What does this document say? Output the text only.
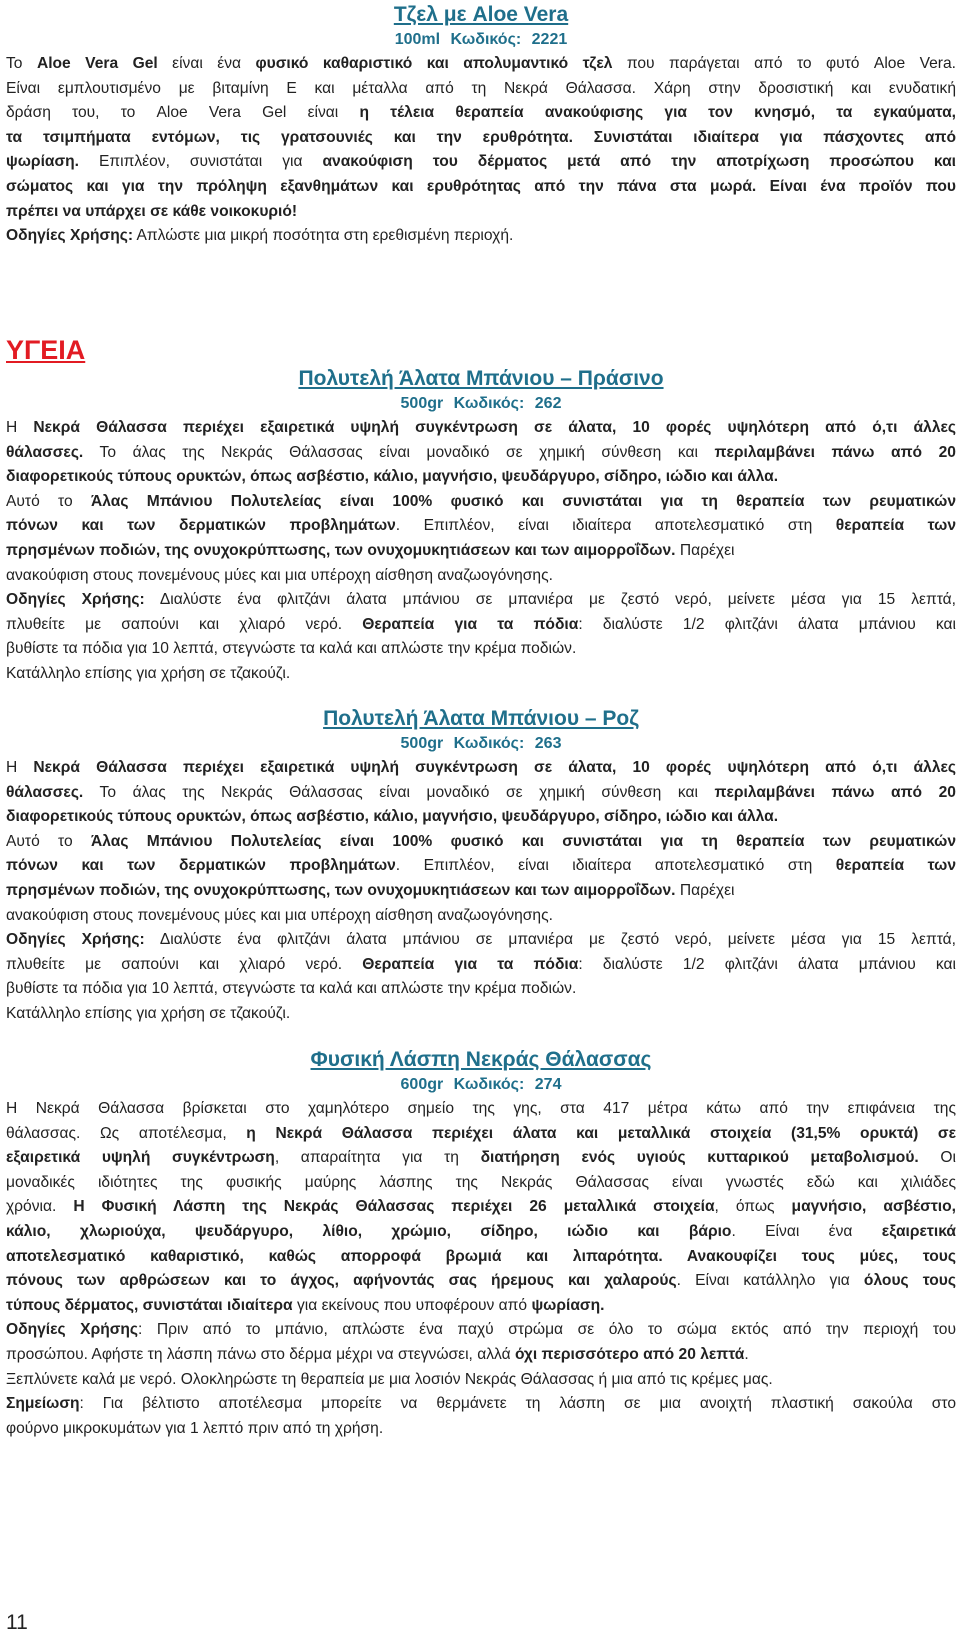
Τζελ με Aloe Vera
100ml Κωδικός: 2221
Το Aloe Vera Gel είναι ένα φυσικό καθαριστικό και απολυμαντικό τζελ που παράγεται από το φυτό Aloe Vera.
Είναι εμπλουτισμένο με βιταμίνη Ε και μέταλλα από τη Νεκρά Θάλασσα. Χάρη στην δροσιστική και ενυδατική
δράση του, το Aloe Vera Gel είναι η τέλεια θεραπεία ανακούφισης για τον κνησμό, τα εγκαύματα,
τα τσιμπήματα εντόμων, τις γρατσουνιές και την ερυθρότητα. Συνιστάται ιδιαίτερα για πάσχοντες από
ψωρίαση. Επιπλέον, συνιστάται για ανακούφιση του δέρματος μετά από την αποτρίχωση προσώπου και
σώματος και για την πρόληψη εξανθημάτων και ερυθρότητας από την πάνα στα μωρά. Είναι ένα προϊόν που
πρέπει να υπάρχει σε κάθε νοικοκυριό!
Οδηγίες Χρήσης: Απλώστε μια μικρή ποσότητα στη ερεθισμένη περιοχή.
ΥΓΕΙΑ
Πολυτελή Άλατα Μπάνιου – Πράσινο
500gr Κωδικός: 262
Η Νεκρά Θάλασσα περιέχει εξαιρετικά υψηλή συγκέντρωση σε άλατα, 10 φορές υψηλότερη από ό,τι άλλες
θάλασσες. Το άλας της Νεκράς Θάλασσας είναι μοναδικό σε χημική σύνθεση και περιλαμβάνει πάνω από 20
διαφορετικούς τύπους ορυκτών, όπως ασβέστιο, κάλιο, μαγνήσιο, ψευδάργυρο, σίδηρο, ιώδιο και άλλα.
Αυτό το Άλας Μπάνιου Πολυτελείας είναι 100% φυσικό και συνιστάται για τη θεραπεία των ρευματικών
πόνων και των δερματικών προβλημάτων. Επιπλέον, είναι ιδιαίτερα αποτελεσματικό στη θεραπεία των
πρησμένων ποδιών, της ονυχοκρύπτωσης, των ονυχομυκητιάσεων και των αιμορροΐδων. Παρέχει
ανακούφιση στους πονεμένους μύες και μια υπέροχη αίσθηση αναζωογόνησης.
Οδηγίες Χρήσης: Διαλύστε ένα φλιτζάνι άλατα μπάνιου σε μπανιέρα με ζεστό νερό, μείνετε μέσα για 15 λεπτά,
πλυθείτε με σαπούνι και χλιαρό νερό. Θεραπεία για τα πόδια: διαλύστε 1/2 φλιτζάνι άλατα μπάνιου και
βυθίστε τα πόδια για 10 λεπτά, στεγνώστε τα καλά και απλώστε την κρέμα ποδιών.
Κατάλληλο επίσης για χρήση σε τζακούζι.
Πολυτελή Άλατα Μπάνιου – Ροζ
500gr Κωδικός: 263
Η Νεκρά Θάλασσα περιέχει εξαιρετικά υψηλή συγκέντρωση σε άλατα, 10 φορές υψηλότερη από ό,τι άλλες
θάλασσες. Το άλας της Νεκράς Θάλασσας είναι μοναδικό σε χημική σύνθεση και περιλαμβάνει πάνω από 20
διαφορετικούς τύπους ορυκτών, όπως ασβέστιο, κάλιο, μαγνήσιο, ψευδάργυρο, σίδηρο, ιώδιο και άλλα.
Αυτό το Άλας Μπάνιου Πολυτελείας είναι 100% φυσικό και συνιστάται για τη θεραπεία των ρευματικών
πόνων και των δερματικών προβλημάτων. Επιπλέον, είναι ιδιαίτερα αποτελεσματικό στη θεραπεία των
πρησμένων ποδιών, της ονυχοκρύπτωσης, των ονυχομυκητιάσεων και των αιμορροΐδων. Παρέχει
ανακούφιση στους πονεμένους μύες και μια υπέροχη αίσθηση αναζωογόνησης.
Οδηγίες Χρήσης: Διαλύστε ένα φλιτζάνι άλατα μπάνιου σε μπανιέρα με ζεστό νερό, μείνετε μέσα για 15 λεπτά,
πλυθείτε με σαπούνι και χλιαρό νερό. Θεραπεία για τα πόδια: διαλύστε 1/2 φλιτζάνι άλατα μπάνιου και
βυθίστε τα πόδια για 10 λεπτά, στεγνώστε τα καλά και απλώστε την κρέμα ποδιών.
Κατάλληλο επίσης για χρήση σε τζακούζι.
Φυσική Λάσπη Νεκράς Θάλασσας
600gr Κωδικός: 274
Η Νεκρά Θάλασσα βρίσκεται στο χαμηλότερο σημείο της γης, στα 417 μέτρα κάτω από την επιφάνεια της
θάλασσας. Ως αποτέλεσμα, η Νεκρά Θάλασσα περιέχει άλατα και μεταλλικά στοιχεία (31,5% ορυκτά) σε
εξαιρετικά υψηλή συγκέντρωση, απαραίτητα για τη διατήρηση ενός υγιούς κυτταρικού μεταβολισμού. Οι
μοναδικές ιδιότητες της φυσικής μαύρης λάσπης της Νεκράς Θάλασσας είναι γνωστές εδώ και χιλιάδες
χρόνια. Η Φυσική Λάσπη της Νεκράς Θάλασσας περιέχει 26 μεταλλικά στοιχεία, όπως μαγνήσιο, ασβέστιο,
κάλιο, χλωριούχα, ψευδάργυρο, λίθιο, χρώμιο, σίδηρο, ιώδιο και βάριο. Είναι ένα εξαιρετικά
αποτελεσματικό καθαριστικό, καθώς απορροφά βρωμιά και λιπαρότητα. Ανακουφίζει τους μύες, τους
πόνους των αρθρώσεων και το άγχος, αφήνοντάς σας ήρεμους και χαλαρούς. Είναι κατάλληλο για όλους τους
τύπους δέρματος, συνιστάται ιδιαίτερα για εκείνους που υποφέρουν από ψωρίαση.
Οδηγίες Χρήσης: Πριν από το μπάνιο, απλώστε ένα παχύ στρώμα σε όλο το σώμα εκτός από την περιοχή του
προσώπου. Αφήστε τη λάσπη πάνω στο δέρμα μέχρι να στεγνώσει, αλλά όχι περισσότερο από 20 λεπτά.
Ξεπλύνετε καλά με νερό. Ολοκληρώστε τη θεραπεία με μια λοσιόν Νεκράς Θάλασσας ή μια από τις κρέμες μας.
Σημείωση: Για βέλτιστο αποτέλεσμα μπορείτε να θερμάνετε τη λάσπη σε μια ανοιχτή πλαστική σακούλα στο
φούρνο μικροκυμάτων για 1 λεπτό πριν από τη χρήση.
11
